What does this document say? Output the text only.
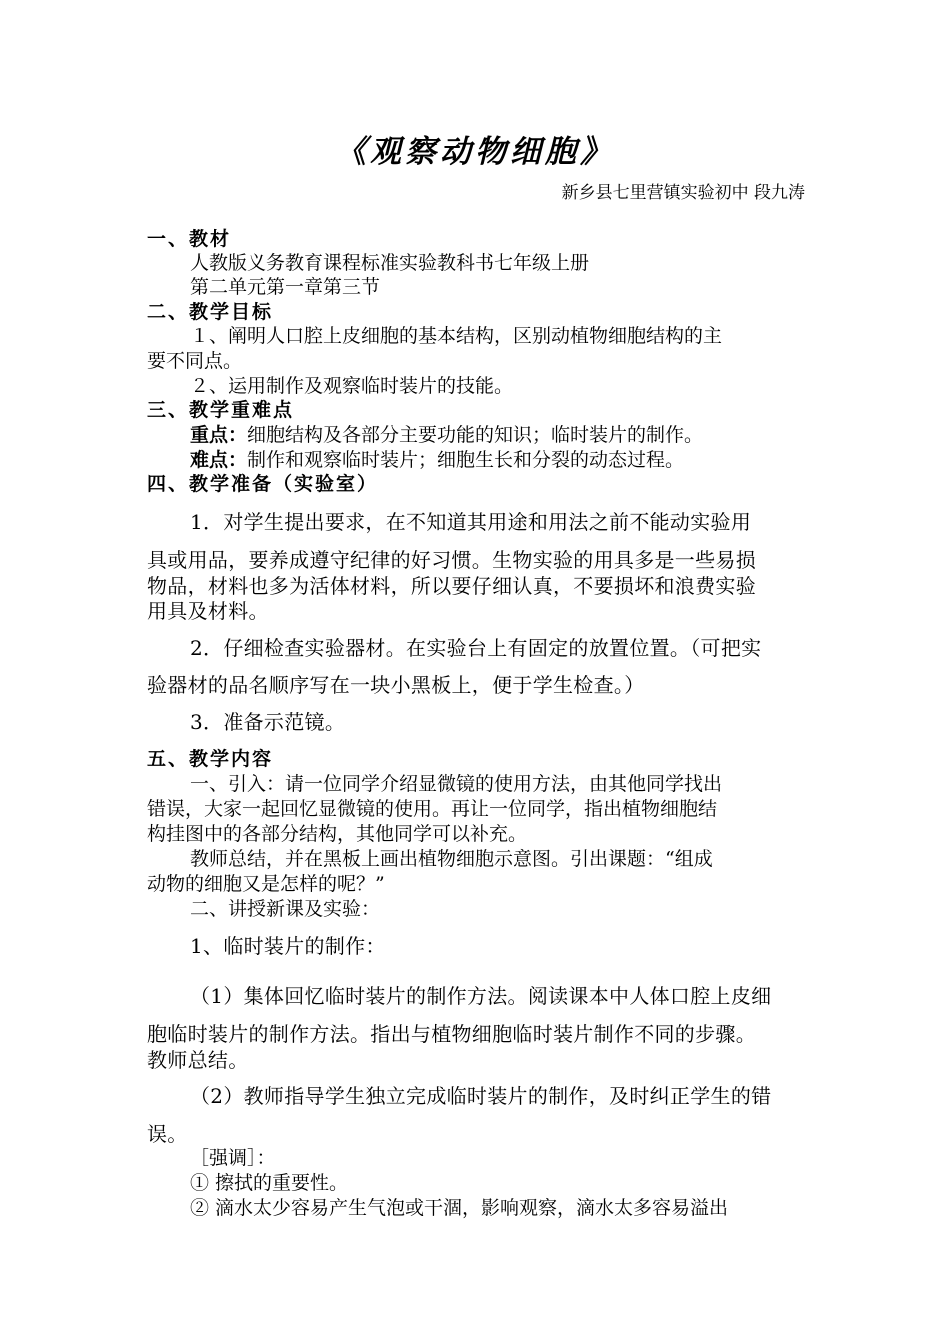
《观察动物细胞》
新乡县七里营镇实验初中 段九涛
一、教材
人教版义务教育课程标准实验教科书七年级上册
第二单元第一章第三节
二、教学目标
１、阐明人口腔上皮细胞的基本结构，区别动植物细胞结构的主
要不同点。
２、运用制作及观察临时装片的技能。
三、教学重难点
重点：细胞结构及各部分主要功能的知识；临时装片的制作。
难点：制作和观察临时装片；细胞生长和分裂的动态过程。
四、教学准备（实验室）
1．对学生提出要求，在不知道其用途和用法之前不能动实验用
具或用品，要养成遵守纪律的好习惯。生物实验的用具多是一些易损
物品，材料也多为活体材料，所以要仔细认真，不要损坏和浪费实验
用具及材料。
2．仔细检查实验器材。在实验台上有固定的放置位置。（可把实
验器材的品名顺序写在一块小黑板上，便于学生检查。）
3．准备示范镜。
五、教学内容
一、引入：请一位同学介绍显微镜的使用方法，由其他同学找出
错误，大家一起回忆显微镜的使用。再让一位同学，指出植物细胞结
构挂图中的各部分结构，其他同学可以补充。
教师总结，并在黑板上画出植物细胞示意图。引出课题：“组成
动物的细胞又是怎样的呢？”
二、讲授新课及实验：
1、临时装片的制作：
（1）集体回忆临时装片的制作方法。阅读课本中人体口腔上皮细
胞临时装片的制作方法。指出与植物细胞临时装片制作不同的步骤。
教师总结。
（2）教师指导学生独立完成临时装片的制作，及时纠正学生的错
误。
［强调］：
① 擦拭的重要性。
② 滴水太少容易产生气泡或干涸，影响观察，滴水太多容易溢出
